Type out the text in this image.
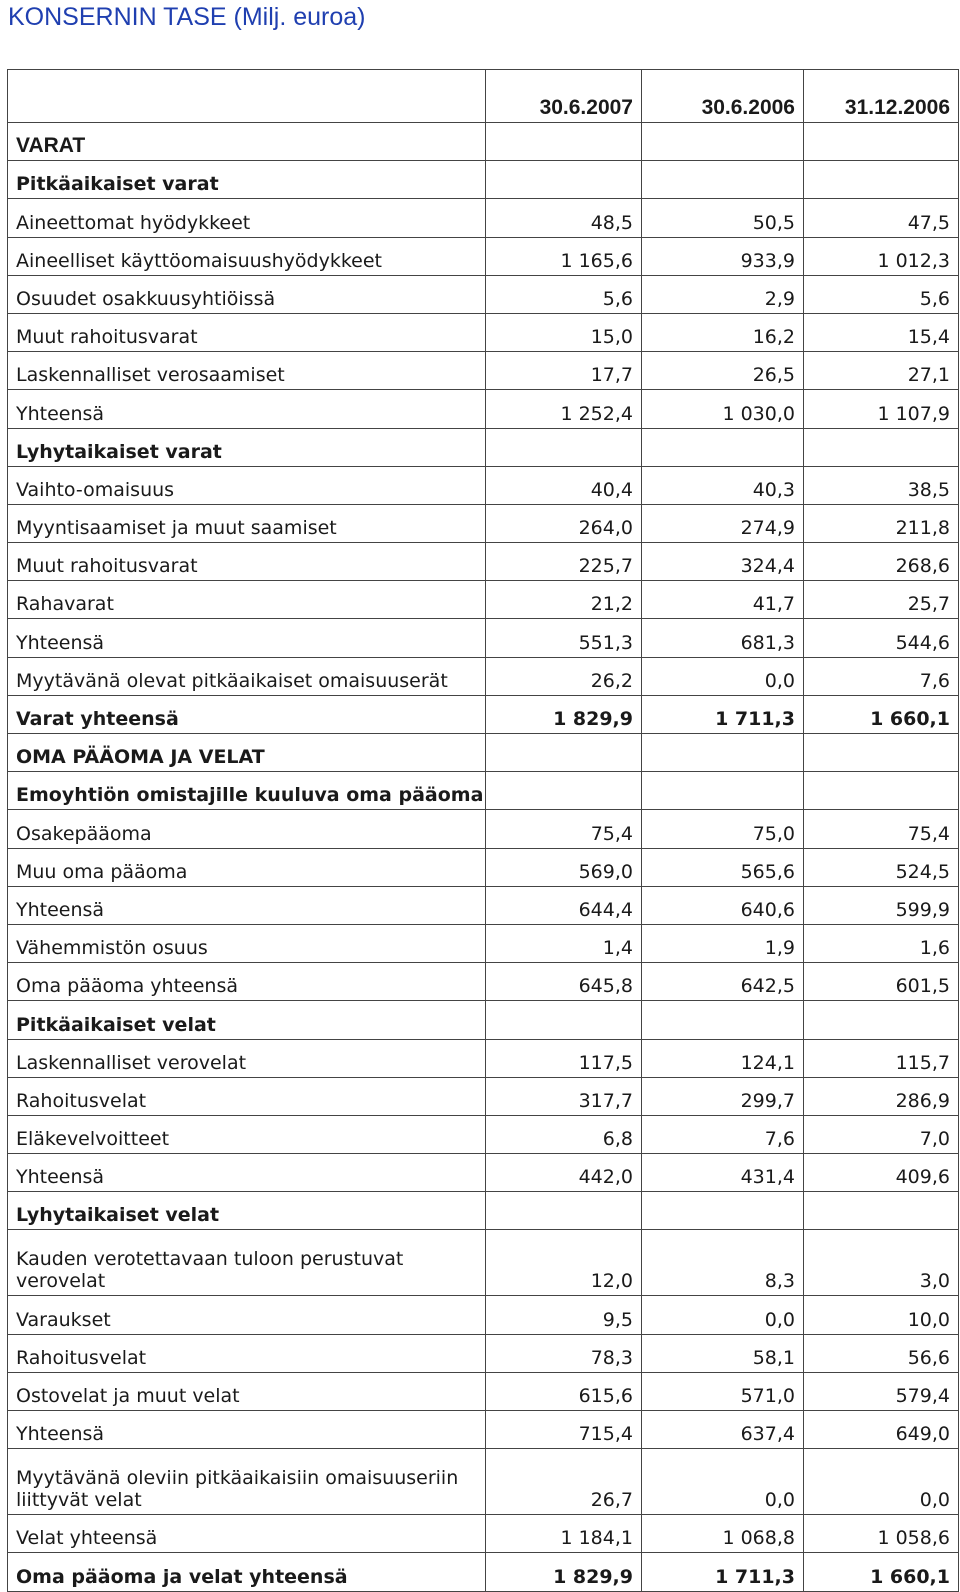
KONSERNIN TASE (Milj. euroa)
	30.6.2007	30.6.2006	31.12.2006
VARAT			
Pitkäaikaiset varat			
Aineettomat hyödykkeet	48,5	50,5	47,5
Aineelliset käyttöomaisuushyödykkeet	1 165,6	933,9	1 012,3
Osuudet osakkuusyhtiöissä	5,6	2,9	5,6
Muut rahoitusvarat	15,0	16,2	15,4
Laskennalliset verosaamiset	17,7	26,5	27,1
Yhteensä	1 252,4	1 030,0	1 107,9
Lyhytaikaiset varat			
Vaihto-omaisuus	40,4	40,3	38,5
Myyntisaamiset ja muut saamiset	264,0	274,9	211,8
Muut rahoitusvarat	225,7	324,4	268,6
Rahavarat	21,2	41,7	25,7
Yhteensä	551,3	681,3	544,6
Myytävänä olevat pitkäaikaiset omaisuuserät	26,2	0,0	7,6
Varat yhteensä	1 829,9	1 711,3	1 660,1
OMA PÄÄOMA JA VELAT			
Emoyhtiön omistajille kuuluva oma pääoma			
Osakepääoma	75,4	75,0	75,4
Muu oma pääoma	569,0	565,6	524,5
Yhteensä	644,4	640,6	599,9
Vähemmistön osuus	1,4	1,9	1,6
Oma pääoma yhteensä	645,8	642,5	601,5
Pitkäaikaiset velat			
Laskennalliset verovelat	117,5	124,1	115,7
Rahoitusvelat	317,7	299,7	286,9
Eläkevelvoitteet	6,8	7,6	7,0
Yhteensä	442,0	431,4	409,6
Lyhytaikaiset velat			
Kauden verotettavaan tuloon perustuvat verovelat	12,0	8,3	3,0
Varaukset	9,5	0,0	10,0
Rahoitusvelat	78,3	58,1	56,6
Ostovelat ja muut velat	615,6	571,0	579,4
Yhteensä	715,4	637,4	649,0
Myytävänä oleviin pitkäaikaisiin omaisuuseriin liittyvät velat	26,7	0,0	0,0
Velat yhteensä	1 184,1	1 068,8	1 058,6
Oma pääoma ja velat yhteensä	1 829,9	1 711,3	1 660,1
